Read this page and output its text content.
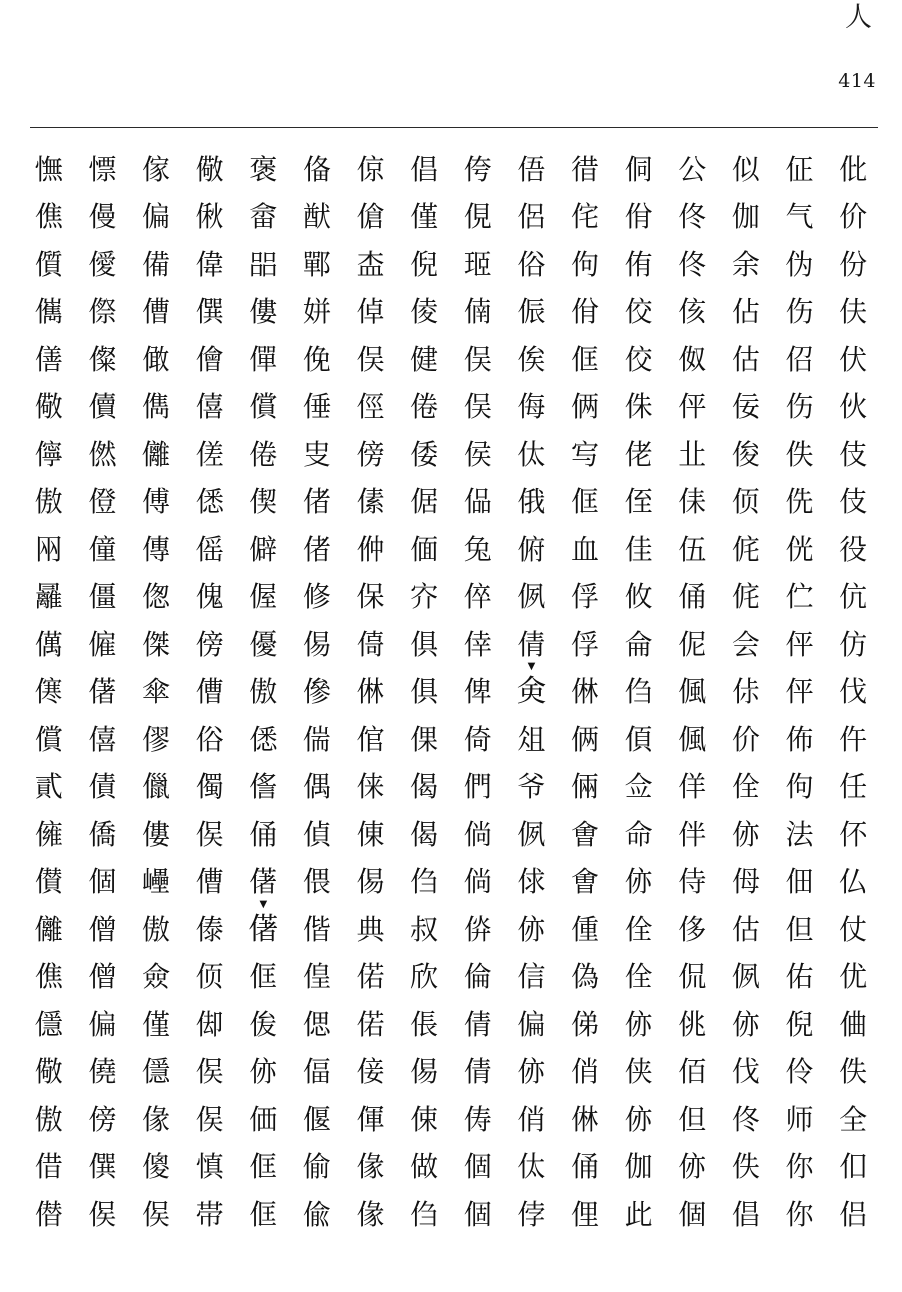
人
414
憮 慓 傢 儆 褒 俻 倞 倡 侉 俉 徣 侗 公 似 佂 仳
僬 僈 偏 偢 畲 猷 傖 僅 俔 侶 侘 佾 佟 伽 气 价
儨 僾 備 偉 㗊 鄲 㭗 倪 㺿 俗 佝 侑 佟 余 伪 份
㒞 傺 傮 僎 僂 姘 倬 倰 㑲 侲 佾 佼 侅 佔 伤 伕
僐 儏 㒈 儈 僤 俛 俣 健 俣 俟 㑌 佼 伮 估 佋 伏
儆 儥 儁 僖 償 倕 俓 倦 俣 侮 俩 侏 伻 佞 伤 伙
儜 㒄 㒧 傞 倦 㕜 傍 倭 侯 㑀 㝍 佬 㐀 俊 佚 伎
傲 僜 傅 僁 偰 偖 傃 倨 偘 俄 㑌 侄 㑍 㑔 侁 伎
㒳 僮 傳 傜 僻 偖 㑖 偭 兔 俯 血 佳 伍 侂 侊 役
㒿 僵 偬 傀 偓 修 保 㝏 倅 㑉 俘 攸 俑 侂 伫 伉
㒖 僱 傑 傍 優 㑥 㑸 俱 倖 倩 俘 侖 伲 会 伻 仿
㒏 㒂 傘 傮 傲 傪 㑣 俱 俾 ▼ 㑒 㑣 㑇 偑 㑐 伻 伐
償 僖 僇 俗 僁 偳 倌 倮 倚 俎 俩 㑯 偑 价 佈 仵
貳 債 儠 㒔 㑾 偶 俫 偈 們 爷 倆 佥 佯 佺 佝 任
㒕 僑 僂 㑨 俑 偵 倲 偈 倘 㑉 㑹 命 伴 㑊 法 伓
儧 個 㠥 傮 㒂 偎 㑥 㑇 倘 俅 㑹 㑊 侍 㑄 佃 仏
㒧 僧 傲 傣 ▼ 㒂 偕 典 叔 㑞 㑊 偅 佺 侈 估 但 仗
僬 僧 僉 㑔 㑌 偟 偌 欣 倫 信 偽 佺 侃 㑉 佑 优
㒚 偏 僅 㑢 㑓 偲 偌 倀 倩 偏 俤 㑊 佻 㑊 倪 㑋
儆 僥 㒚 㑨 㑊 偪 倿 㑥 倩 㑊 俏 侠 佰 伐 伶 佚
傲 傍 㑰 㑨 価 偃 㑮 㑛 俦 俏 㑣 㑊 但 佟 师 全
借 僎 傻 慎 㑌 偷 㑰 做 個 㑀 俑 伽 㑊 佚 你 㐰
僣 㑨 㑨 帯 㑌 偸 㑰 㑇 個 侼 俚 此 個 倡 你 侣
